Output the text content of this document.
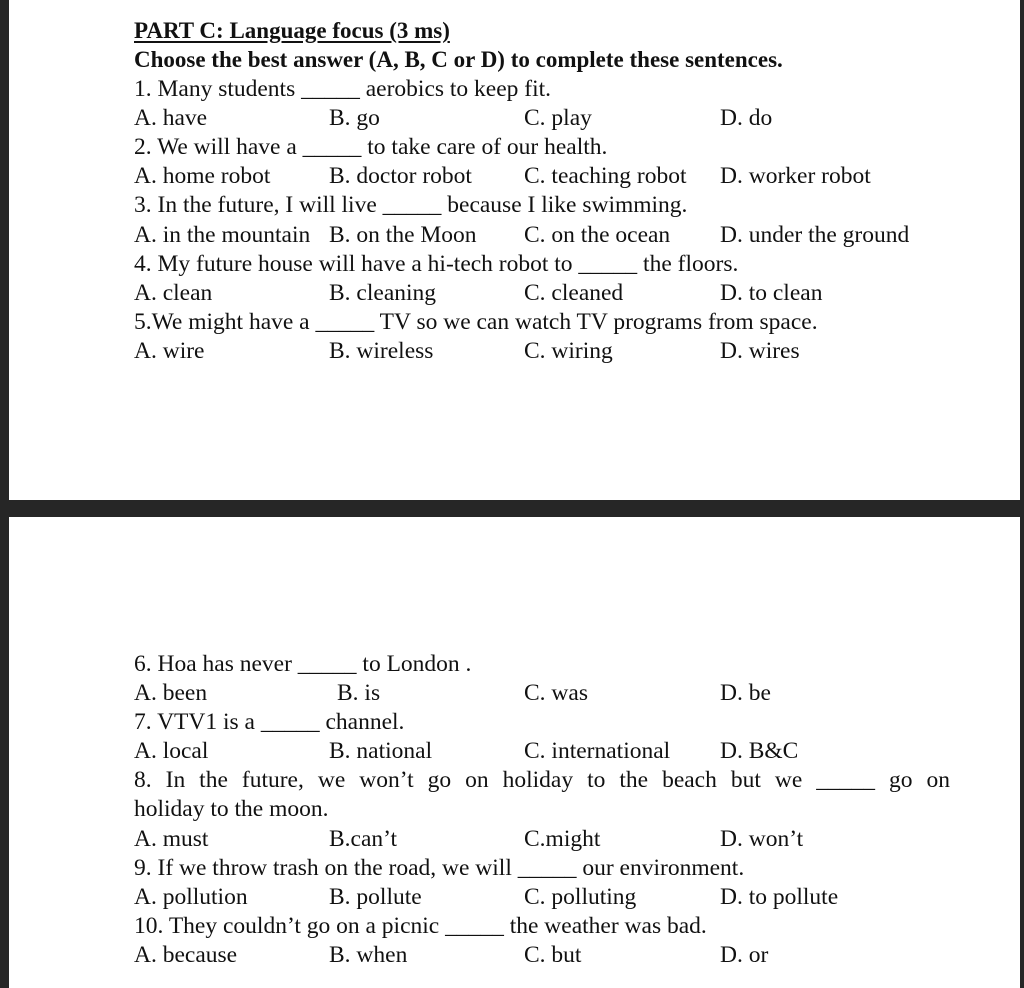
PART C: Language focus (3 ms)
Choose the best answer (A, B, C or D) to complete these sentences.
1. Many students _____ aerobics to keep fit.
A. have	B. go	C. play	D. do
2. We will have a _____ to take care of our health.
A. home robot B. doctor robot C. teaching robot D. worker robot
3. In the future, I will live _____ because I like swimming.
A. in the mountain B. on the Moon C. on the ocean D. under the ground
4. My future house will have a hi-tech robot to _____ the floors.
A. clean	B. cleaning	C. cleaned	D. to clean
5.We might have a _____ TV so we can watch TV programs from space.
A. wire	B. wireless	C. wiring	D. wires
6. Hoa has never _____ to London .
A. been	B. is	C. was	D. be
7. VTV1 is a _____ channel.
A. local	B. national	C. international D. B&C
8. In the future, we won’t go on holiday to the beach but we _____ go on
holiday to the moon.
A. must	B.can’t	C.might	D. won’t
9. If we throw trash on the road, we will _____ our environment.
A. pollution	B. pollute	C. polluting	D. to pollute
10. They couldn’t go on a picnic _____ the weather was bad.
A. because	B. when	C. but	D. or
